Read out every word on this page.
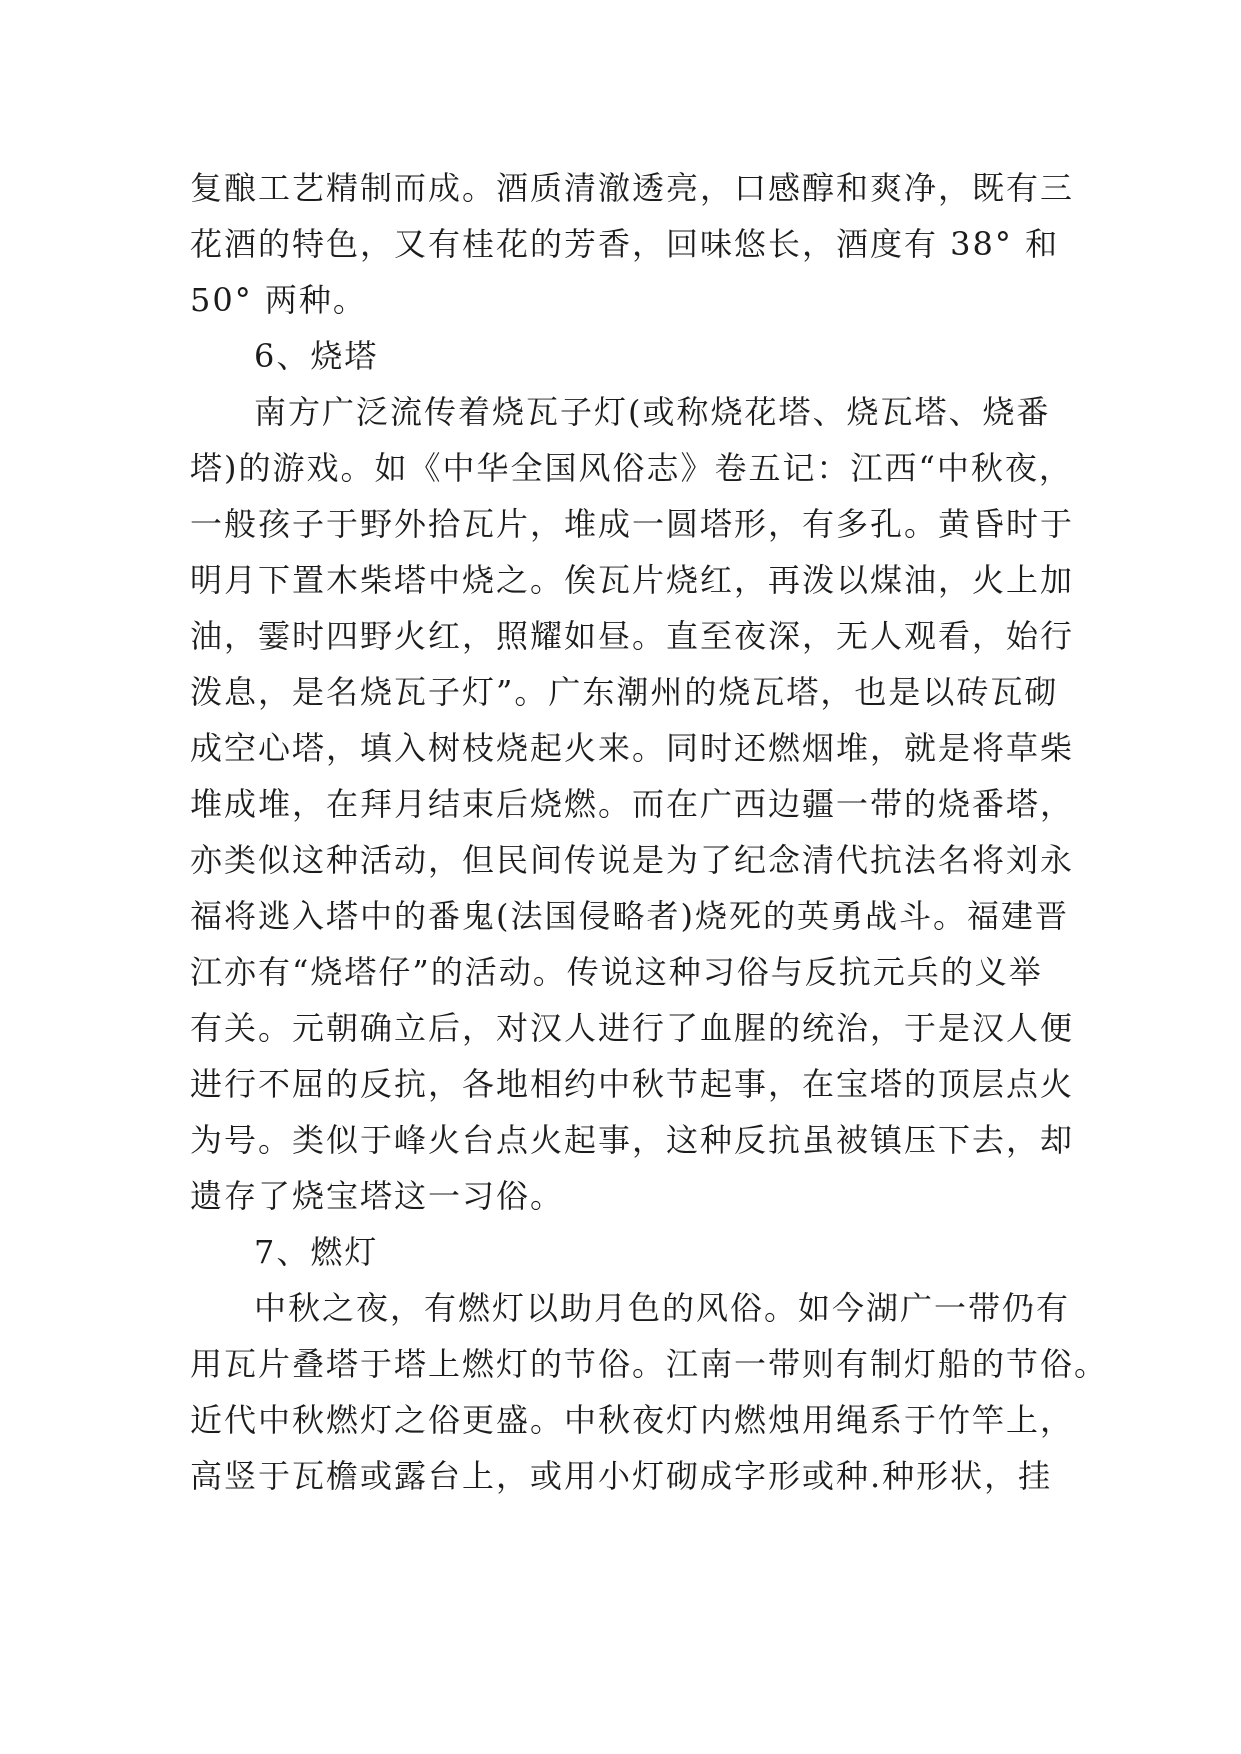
复酿工艺精制而成。酒质清澈透亮，口感醇和爽净，既有三
花酒的特色，又有桂花的芳香，回味悠长，酒度有 38° 和
50° 两种。
6、烧塔
南方广泛流传着烧瓦子灯(或称烧花塔、烧瓦塔、烧番
塔)的游戏。如《中华全国风俗志》卷五记：江西“中秋夜，
一般孩子于野外拾瓦片，堆成一圆塔形，有多孔。黄昏时于
明月下置木柴塔中烧之。俟瓦片烧红，再泼以煤油，火上加
油，霎时四野火红，照耀如昼。直至夜深，无人观看，始行
泼息，是名烧瓦子灯”。广东潮州的烧瓦塔，也是以砖瓦砌
成空心塔，填入树枝烧起火来。同时还燃烟堆，就是将草柴
堆成堆，在拜月结束后烧燃。而在广西边疆一带的烧番塔，
亦类似这种活动，但民间传说是为了纪念清代抗法名将刘永
福将逃入塔中的番鬼(法国侵略者)烧死的英勇战斗。福建晋
江亦有“烧塔仔”的活动。传说这种习俗与反抗元兵的义举
有关。元朝确立后，对汉人进行了血腥的统治，于是汉人便
进行不屈的反抗，各地相约中秋节起事，在宝塔的顶层点火
为号。类似于峰火台点火起事，这种反抗虽被镇压下去，却
遗存了烧宝塔这一习俗。
7、燃灯
中秋之夜，有燃灯以助月色的风俗。如今湖广一带仍有
用瓦片叠塔于塔上燃灯的节俗。江南一带则有制灯船的节俗。
近代中秋燃灯之俗更盛。中秋夜灯内燃烛用绳系于竹竿上，
高竖于瓦檐或露台上，或用小灯砌成字形或种.种形状，挂
